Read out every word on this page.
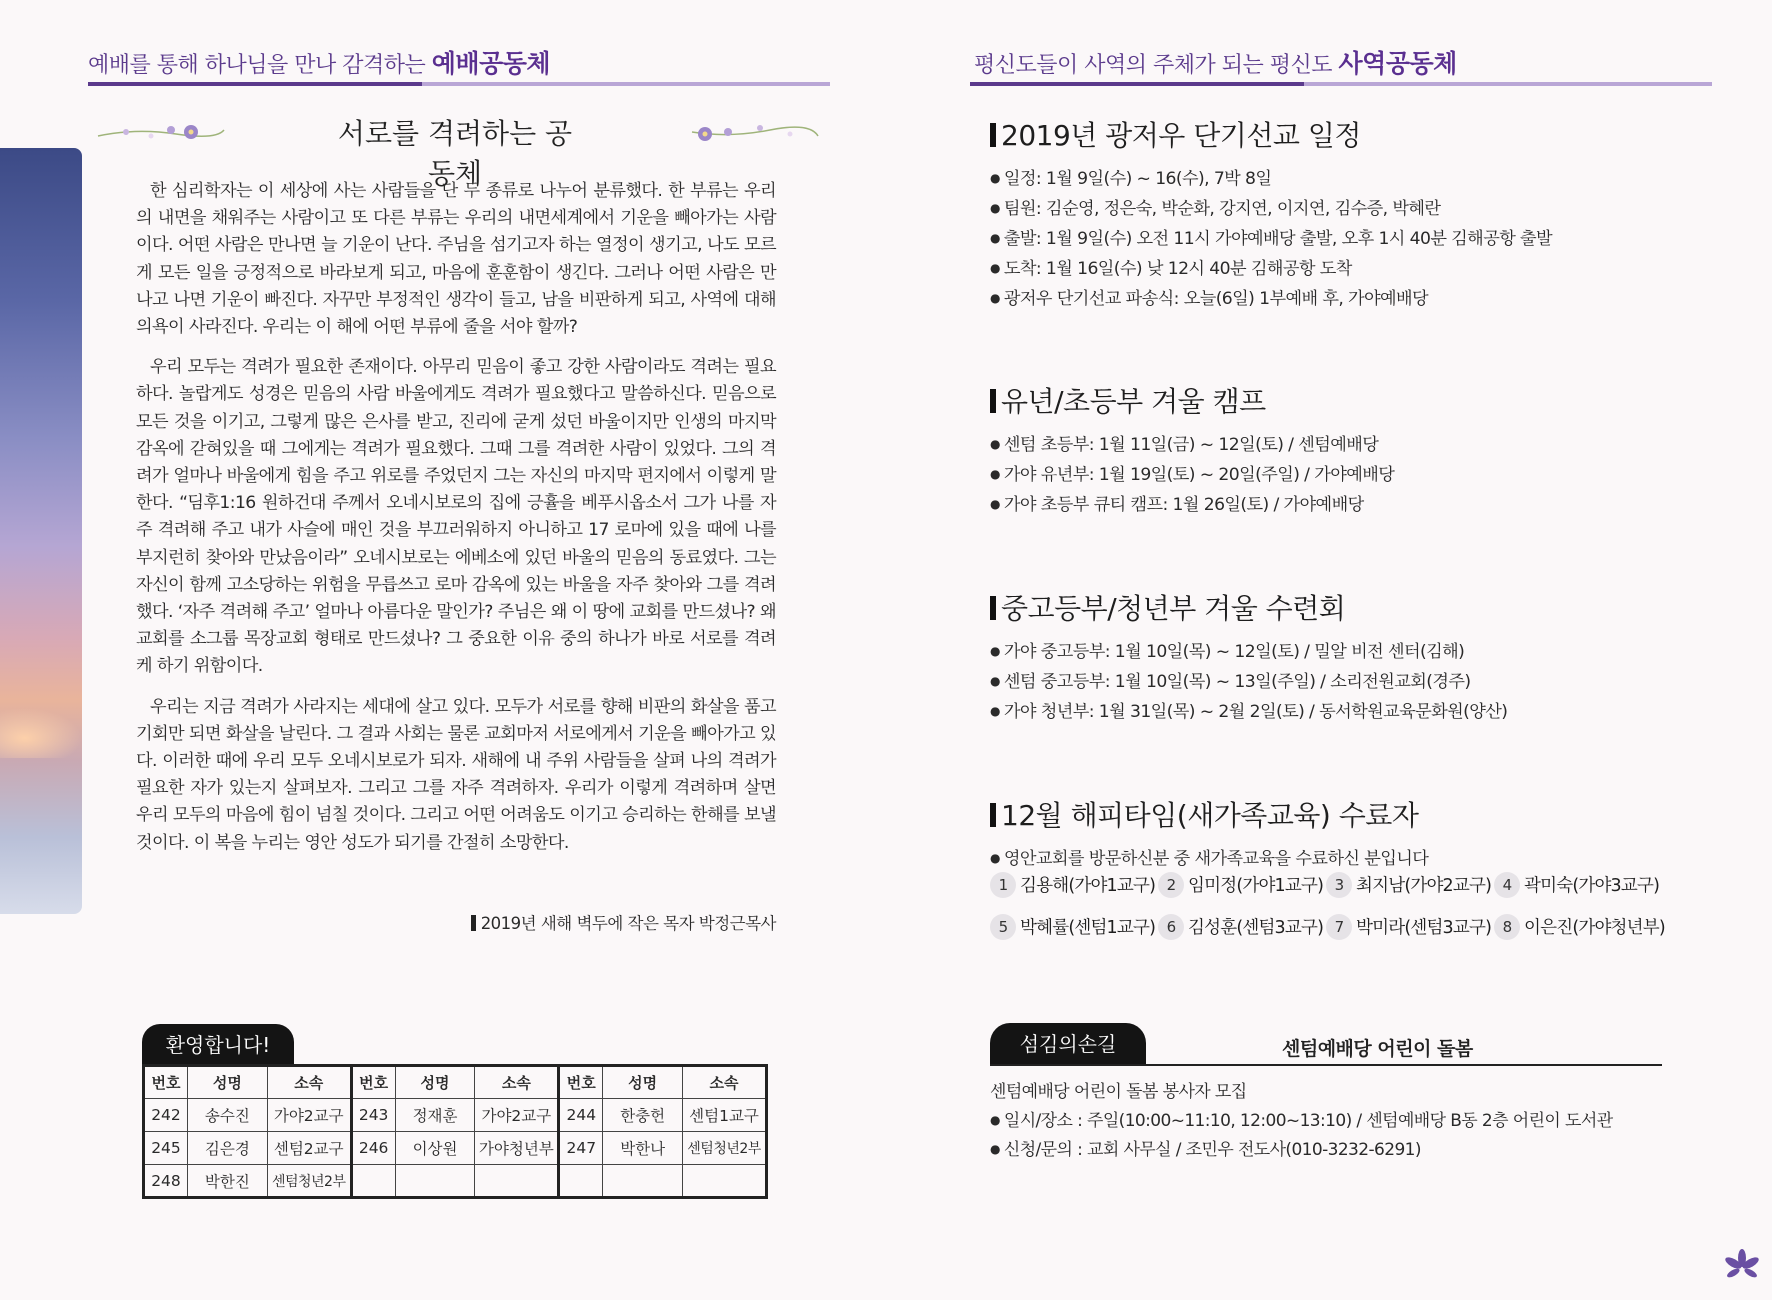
예배를 통해 하나님을 만나 감격하는 예배공동체
서로를 격려하는 공동체

한 심리학자는 이 세상에 사는 사람들을 단 두 종류로 나누어 분류했다. 한 부류는 우리의 내면을 채워주는 사람이고 또 다른 부류는 우리의 내면세계에서 기운을 빼아가는 사람이다. 어떤 사람은 만나면 늘 기운이 난다. 주님을 섬기고자 하는 열정이 생기고, 나도 모르게 모든 일을 긍정적으로 바라보게 되고, 마음에 훈훈함이 생긴다. 그러나 어떤 사람은 만나고 나면 기운이 빠진다. 자꾸만 부정적인 생각이 들고, 남을 비판하게 되고, 사역에 대해 의욕이 사라진다. 우리는 이 해에 어떤 부류에 줄을 서야 할까?

우리 모두는 격려가 필요한 존재이다. 아무리 믿음이 좋고 강한 사람이라도 격려는 필요하다. 놀랍게도 성경은 믿음의 사람 바울에게도 격려가 필요했다고 말씀하신다. 믿음으로 모든 것을 이기고, 그렇게 많은 은사를 받고, 진리에 굳게 섰던 바울이지만 인생의 마지막 감옥에 갇혀있을 때 그에게는 격려가 필요했다. 그때 그를 격려한 사람이 있었다. 그의 격려가 얼마나 바울에게 힘을 주고 위로를 주었던지 그는 자신의 마지막 편지에서 이렇게 말한다. “딤후1:16 원하건대 주께서 오네시보로의 집에 긍휼을 베푸시옵소서 그가 나를 자주 격려해 주고 내가 사슬에 매인 것을 부끄러워하지 아니하고 17 로마에 있을 때에 나를 부지런히 찾아와 만났음이라” 오네시보로는 에베소에 있던 바울의 믿음의 동료였다. 그는 자신이 함께 고소당하는 위험을 무릅쓰고 로마 감옥에 있는 바울을 자주 찾아와 그를 격려했다. ‘자주 격려해 주고’ 얼마나 아름다운 말인가? 주님은 왜 이 땅에 교회를 만드셨나? 왜 교회를 소그룹 목장교회 형태로 만드셨나? 그 중요한 이유 중의 하나가 바로 서로를 격려케 하기 위함이다.

우리는 지금 격려가 사라지는 세대에 살고 있다. 모두가 서로를 향해 비판의 화살을 품고 기회만 되면 화살을 날린다. 그 결과 사회는 물론 교회마저 서로에게서 기운을 빼아가고 있다. 이러한 때에 우리 모두 오네시보로가 되자. 새해에 내 주위 사람들을 살펴 나의 격려가 필요한 자가 있는지 살펴보자. 그리고 그를 자주 격려하자. 우리가 이렇게 격려하며 살면 우리 모두의 마음에 힘이 넘칠 것이다. 그리고 어떤 어려움도 이기고 승리하는 한해를 보낼 것이다. 이 복을 누리는 영안 성도가 되기를 간절히 소망한다.

2019년 새해 벽두에 작은 목자 박정근목사
환영합니다!
번호	성명	소속	번호	성명	소속	번호	성명	소속
242	송수진	가야2교구	243	정재훈	가야2교구	244	한충헌	센텀1교구
245	김은경	센텀2교구	246	이상원	가야청년부	247	박한나	센텀청년2부
248	박한진	센텀청년2부						
평신도들이 사역의 주체가 되는 평신도 사역공동체
2019년 광저우 단기선교 일정
● 일정: 1월 9일(수) ~ 16(수), 7박 8일
● 팀원: 김순영, 정은숙, 박순화, 강지연, 이지연, 김수증, 박혜란
● 출발: 1월 9일(수) 오전 11시 가야예배당 출발, 오후 1시 40분 김해공항 출발
● 도착: 1월 16일(수) 낮 12시 40분 김해공항 도착
● 광저우 단기선교 파송식: 오늘(6일) 1부예배 후, 가야예배당
유년/초등부 겨울 캠프
● 센텀 초등부: 1월 11일(금) ~ 12일(토) / 센텀예배당
● 가야 유년부: 1월 19일(토) ~ 20일(주일) / 가야예배당
● 가야 초등부 큐티 캠프: 1월 26일(토) / 가야예배당
중고등부/청년부 겨울 수련회
● 가야 중고등부: 1월 10일(목) ~ 12일(토) / 밀알 비전 센터(김해)
● 센텀 중고등부: 1월 10일(목) ~ 13일(주일) / 소리전원교회(경주)
● 가야 청년부: 1월 31일(목) ~ 2월 2일(토) / 동서학원교육문화원(양산)
12월 해피타임(새가족교육) 수료자
● 영안교회를 방문하신분 중 새가족교육을 수료하신 분입니다
1 김용해(가야1교구) 2 임미정(가야1교구) 3 최지남(가야2교구) 4 곽미숙(가야3교구)
5 박혜률(센텀1교구) 6 김성훈(센텀3교구) 7 박미라(센텀3교구) 8 이은진(가야청년부)
섬김의손길	센텀예배당 어린이 돌봄
센텀예배당 어린이 돌봄 봉사자 모집
● 일시/장소 : 주일(10:00~11:10, 12:00~13:10) / 센텀예배당 B동 2층 어린이 도서관
● 신청/문의 : 교회 사무실 / 조민우 전도사(010-3232-6291)
